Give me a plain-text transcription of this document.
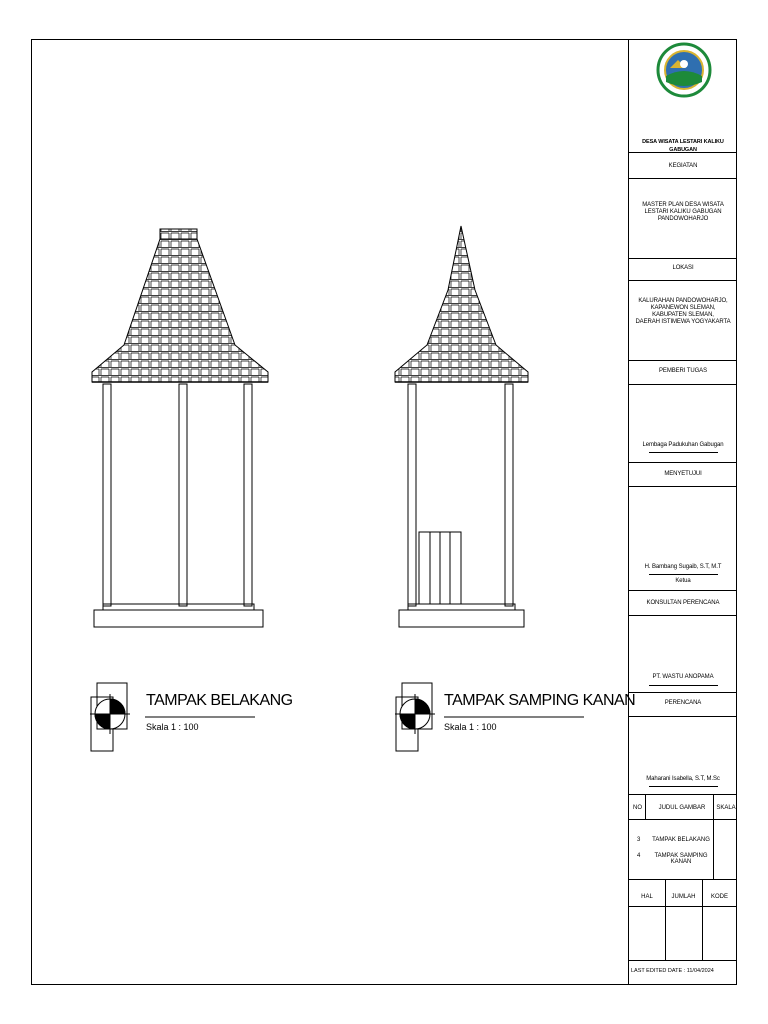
TAMPAK BELAKANG
Skala 1 : 100
TAMPAK SAMPING KANAN
Skala 1 : 100
DESA WISATA LESTARI KALIKU GABUGAN
KEGIATAN
MASTER PLAN DESA WISATA
LESTARI KALIKU GABUGAN
PANDOWOHARJO
LOKASI
KALURAHAN PANDOWOHARJO,
KAPANEWON SLEMAN,
KABUPATEN SLEMAN,
DAERAH ISTIMEWA YOGYAKARTA
PEMBERI TUGAS
Lembaga Padukuhan Gabugan
MENYETUJUI
H. Bambang Sugaib, S.T, M.T
Ketua
KONSULTAN PERENCANA
PT. WASTU ANOPAMA
PERENCANA
Maharani Isabella, S.T, M.Sc
NO	JUDUL GAMBAR	SKALA
3	TAMPAK BELAKANG
4	TAMPAK SAMPING KANAN
HAL	JUMLAH	KODE
LAST EDITED DATE : 11/04/2024
